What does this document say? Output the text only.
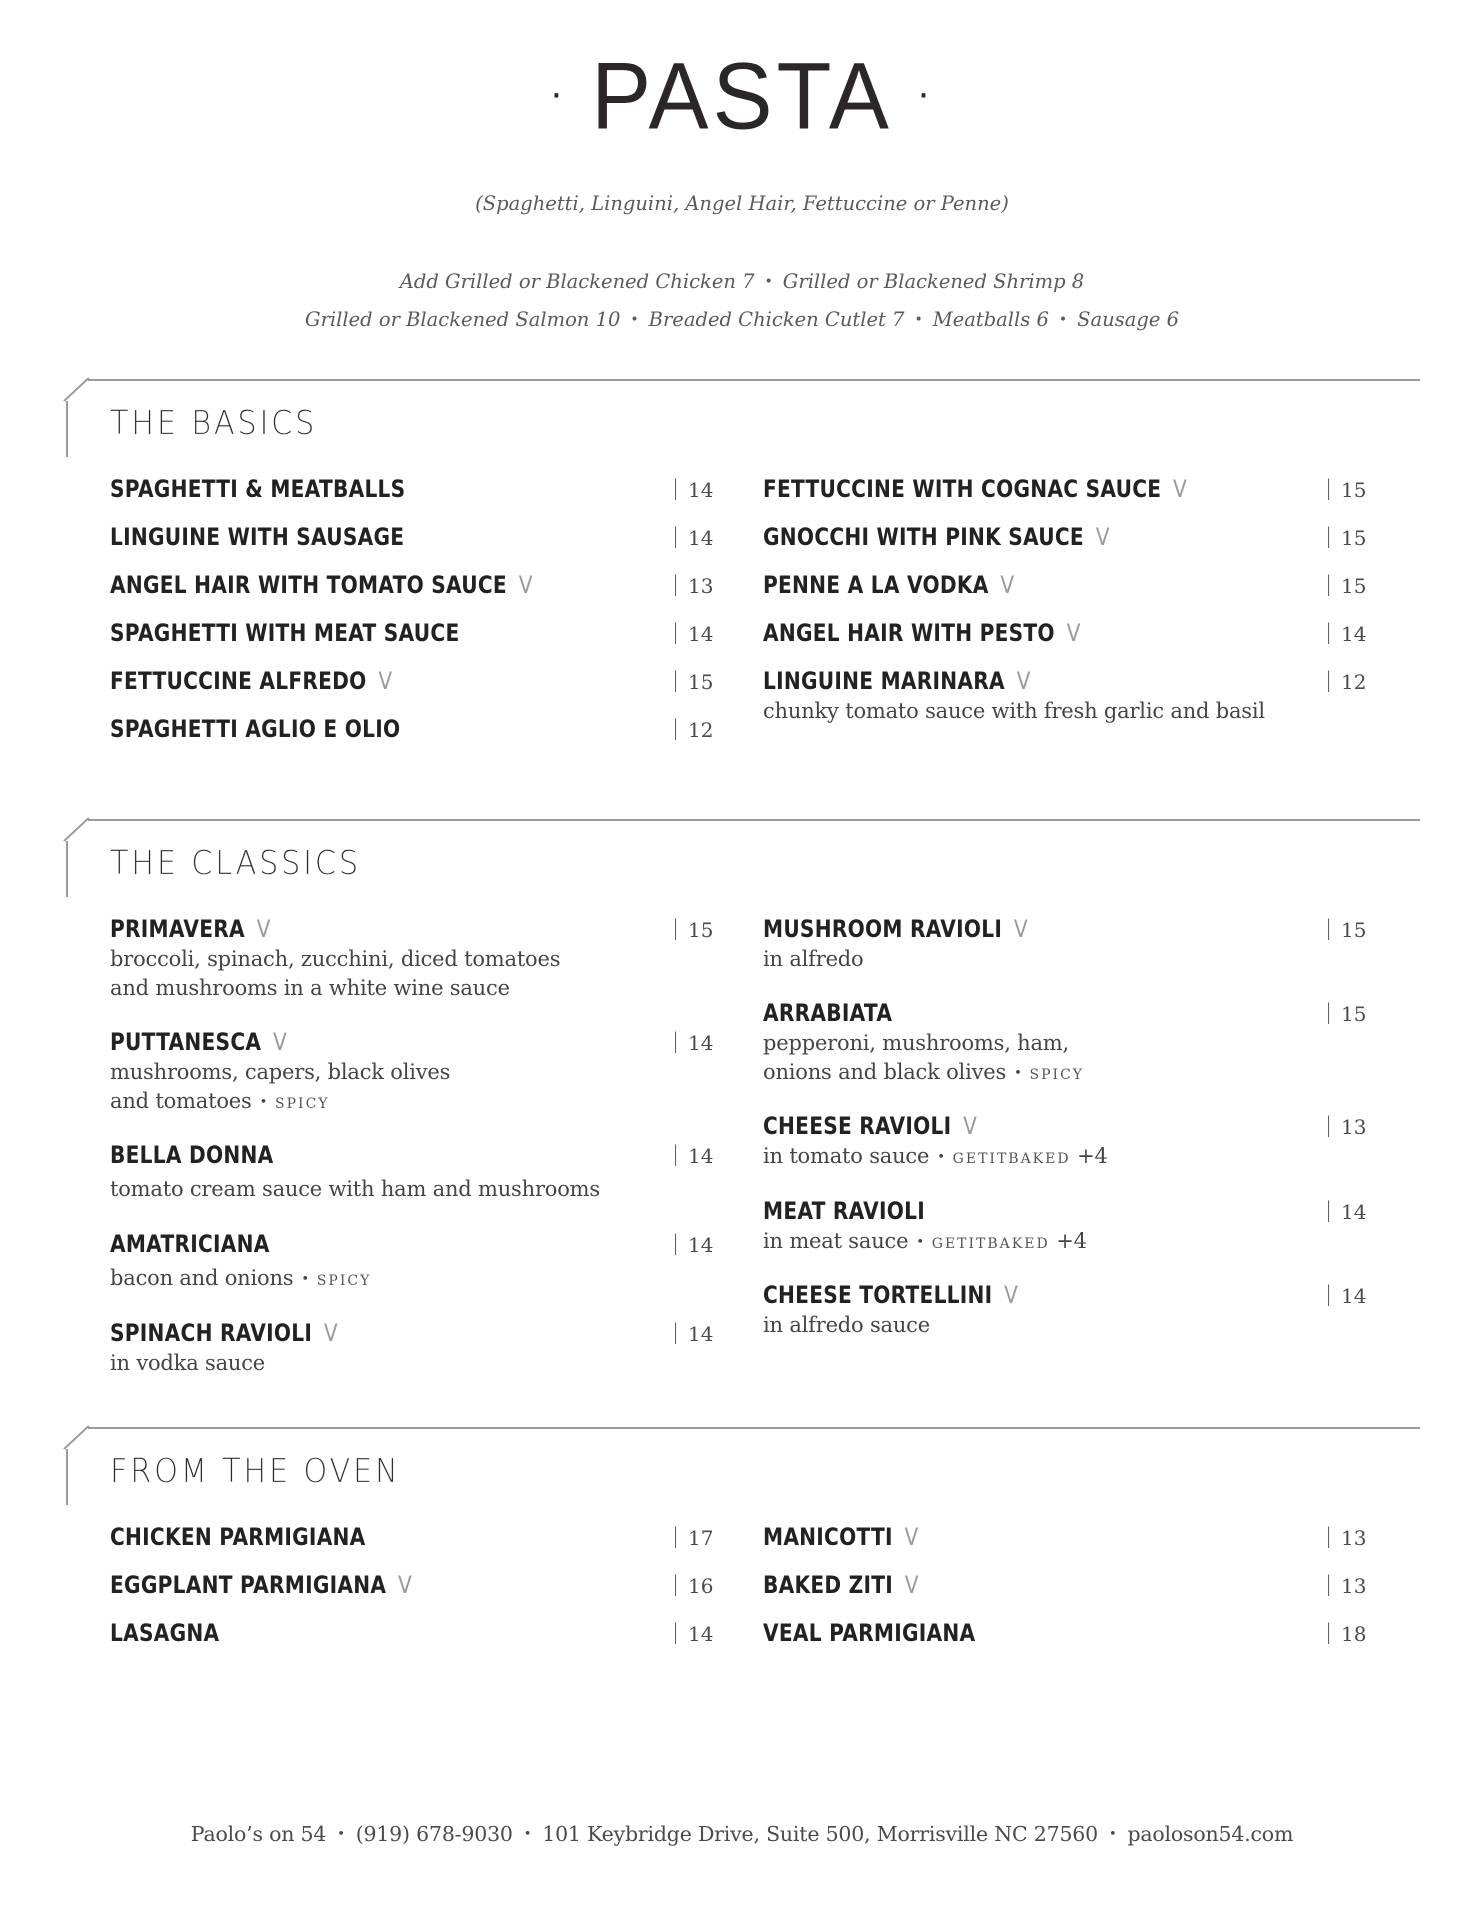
· PASTA ·
(Spaghetti, Linguini, Angel Hair, Fettuccine or Penne)
Add Grilled or Blackened Chicken 7 • Grilled or Blackened Shrimp 8
Grilled or Blackened Salmon 10 • Breaded Chicken Cutlet 7 • Meatballs 6 • Sausage 6
THE BASICS
SPAGHETTI & MEATBALLS	| 14
LINGUINE WITH SAUSAGE	| 14
ANGEL HAIR WITH TOMATO SAUCE V	| 13
SPAGHETTI WITH MEAT SAUCE	| 14
FETTUCCINE ALFREDO V	| 15
SPAGHETTI AGLIO E OLIO	| 12
FETTUCCINE WITH COGNAC SAUCE V	| 15
GNOCCHI WITH PINK SAUCE V	| 15
PENNE A LA VODKA V	| 15
ANGEL HAIR WITH PESTO V	| 14
LINGUINE MARINARA V	| 12
chunky tomato sauce with fresh garlic and basil
THE CLASSICS
PRIMAVERA V	| 15
broccoli, spinach, zucchini, diced tomatoes
and mushrooms in a white wine sauce
PUTTANESCA V	| 14
mushrooms, capers, black olives
and tomatoes • SPICY
BELLA DONNA	| 14
tomato cream sauce with ham and mushrooms
AMATRICIANA	| 14
bacon and onions • SPICY
SPINACH RAVIOLI V	| 14
in vodka sauce
MUSHROOM RAVIOLI V	| 15
in alfredo
ARRABIATA	| 15
pepperoni, mushrooms, ham,
onions and black olives • SPICY
CHEESE RAVIOLI V	| 13
in tomato sauce • GETITBAKED +4
MEAT RAVIOLI	| 14
in meat sauce • GETITBAKED +4
CHEESE TORTELLINI V	| 14
in alfredo sauce
FROM THE OVEN
CHICKEN PARMIGIANA	| 17
EGGPLANT PARMIGIANA V	| 16
LASAGNA	| 14
MANICOTTI V	| 13
BAKED ZITI V	| 13
VEAL PARMIGIANA	| 18
Paolo’s on 54 • (919) 678-9030 • 101 Keybridge Drive, Suite 500, Morrisville NC 27560 • paoloson54.com
